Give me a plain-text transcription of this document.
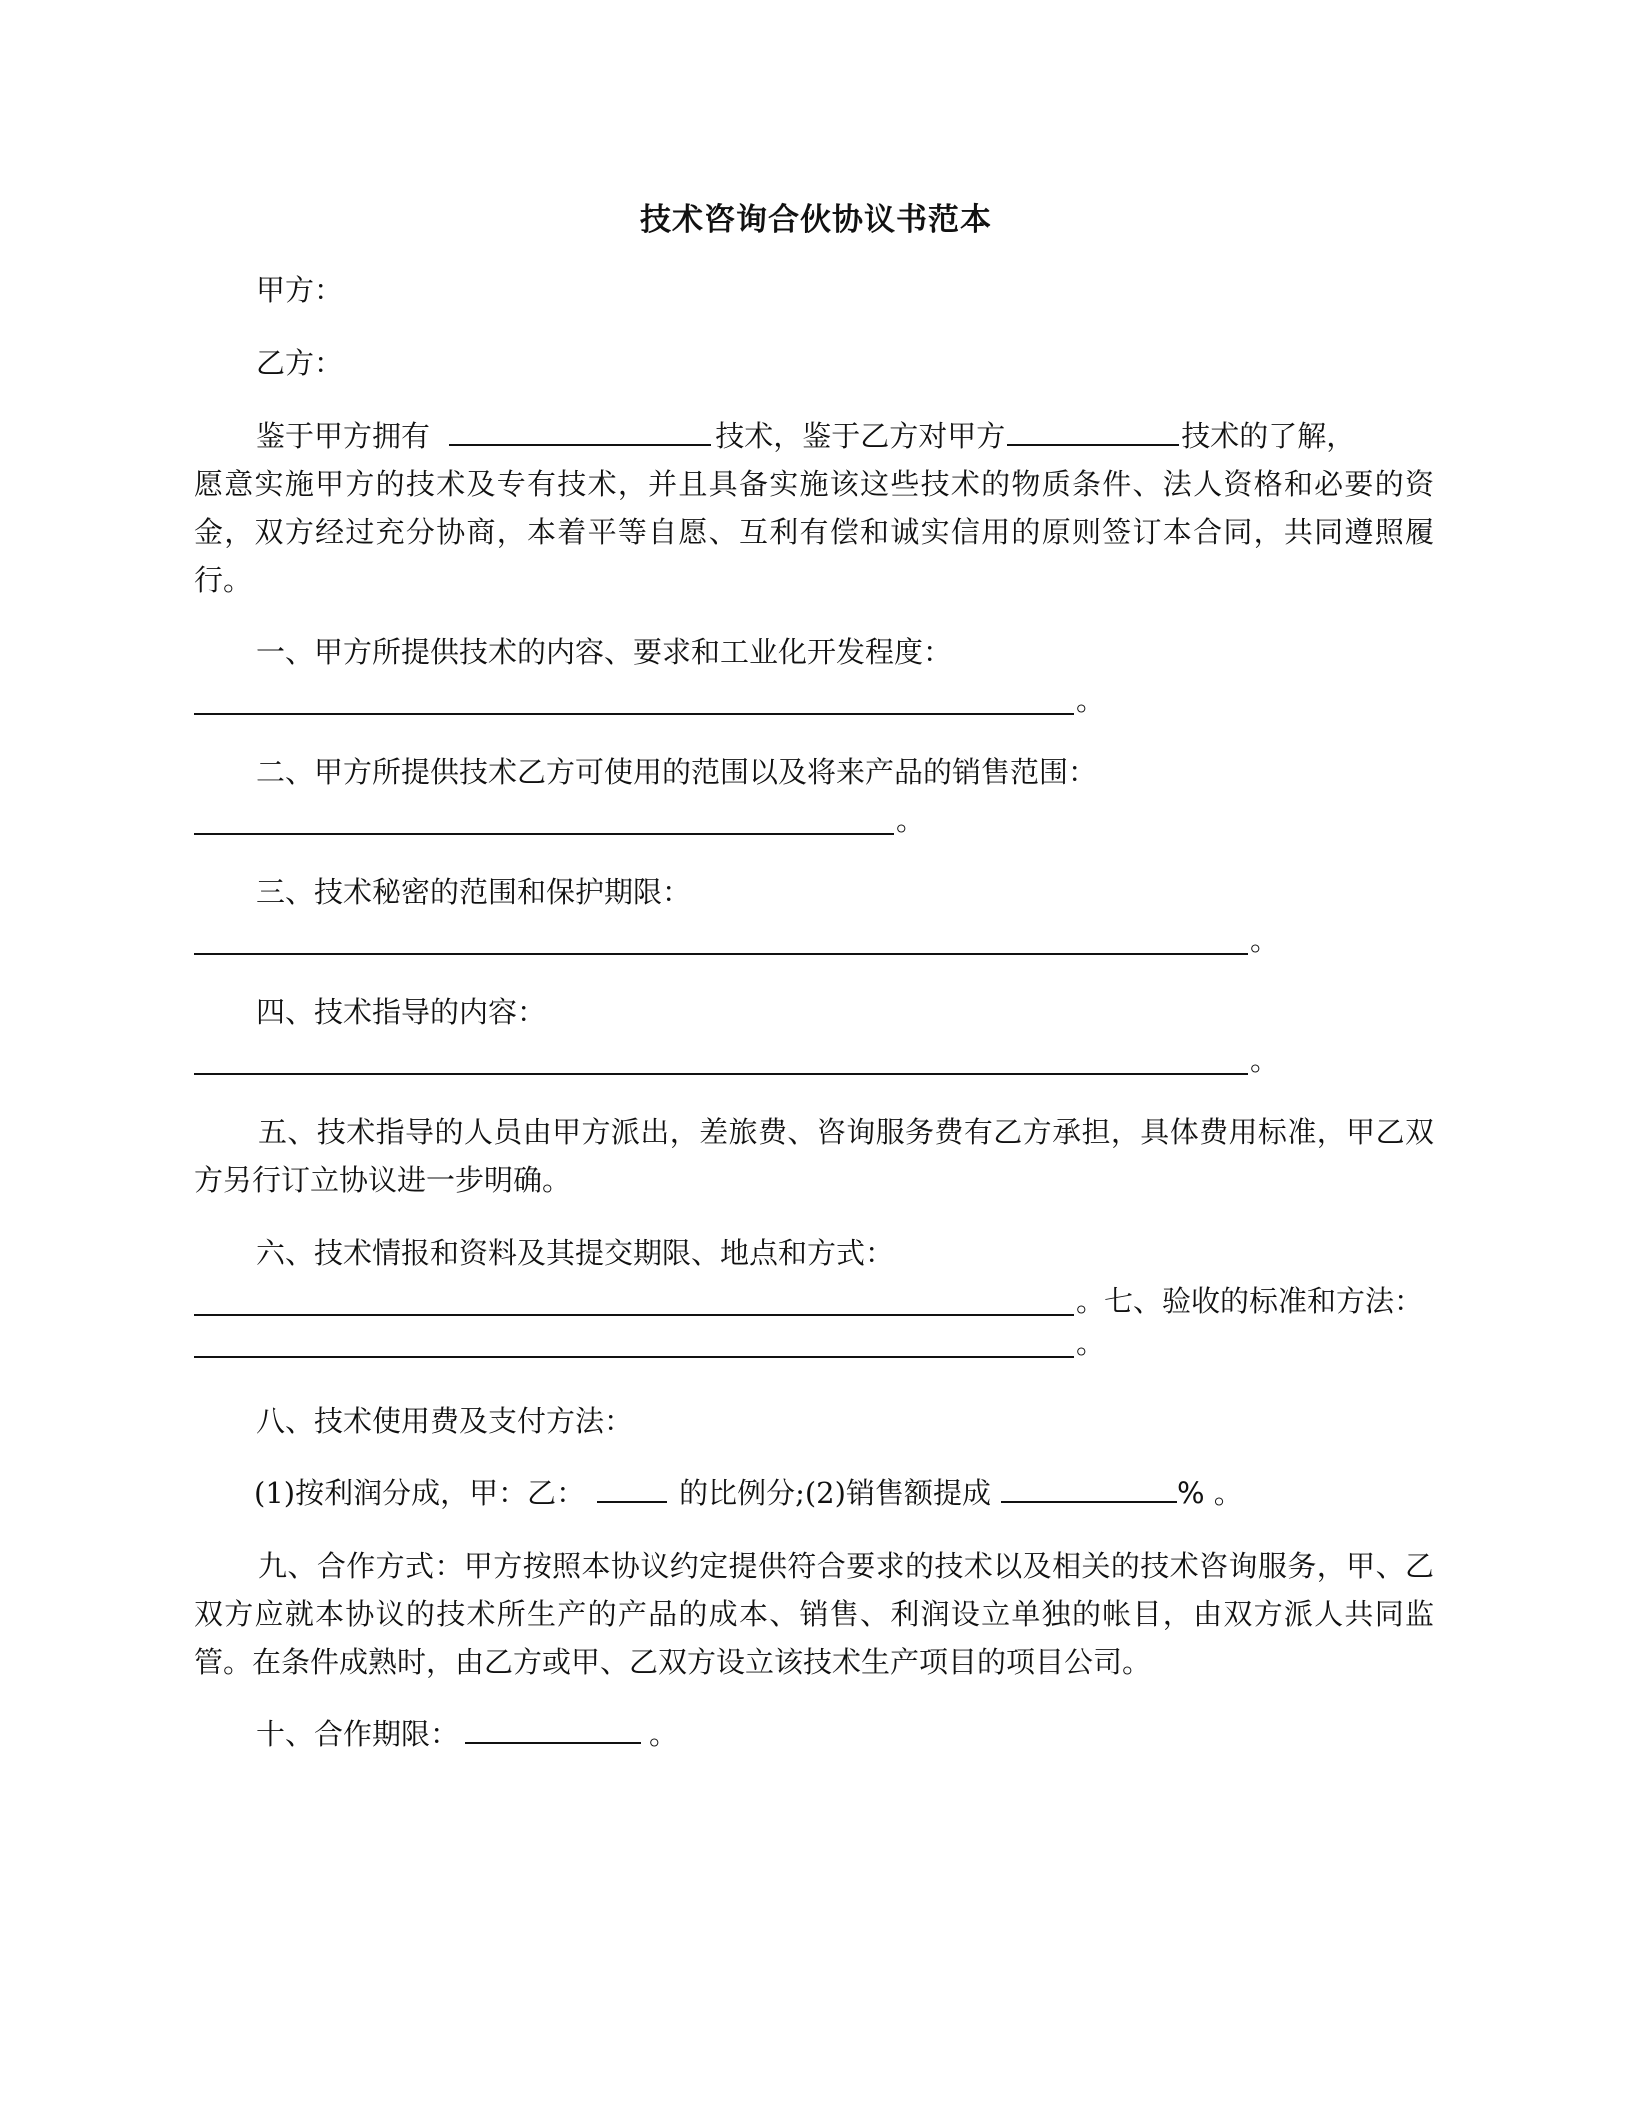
技术咨询合伙协议书范本
甲方：
乙方：
鉴于甲方拥有	技术，鉴于乙方对甲方	技术的了解，
愿意实施甲方的技术及专有技术，并且具备实施该这些技术的物质条件、法人资格和必要的资金，双方经过充分协商，本着平等自愿、互利有偿和诚实信用的原则签订本合同，共同遵照履行。
一、甲方所提供技术的内容、要求和工业化开发程度：
。
二、甲方所提供技术乙方可使用的范围以及将来产品的销售范围：
。
三、技术秘密的范围和保护期限：
。
四、技术指导的内容：
。
五、技术指导的人员由甲方派出，差旅费、咨询服务费有乙方承担，具体费用标准，甲乙双方另行订立协议进一步明确。
六、技术情报和资料及其提交期限、地点和方式：
。
七、验收的标准和方法：
。
八、技术使用费及支付方法：
(1)按利润分成，甲：乙：	的比例分;(2)销售额提成	% 。
九、合作方式：甲方按照本协议约定提供符合要求的技术以及相关的技术咨询服务，甲、乙双方应就本协议的技术所生产的产品的成本、销售、利润设立单独的帐目，由双方派人共同监管。在条件成熟时，由乙方或甲、乙双方设立该技术生产项目的项目公司。
十、合作期限：	。
